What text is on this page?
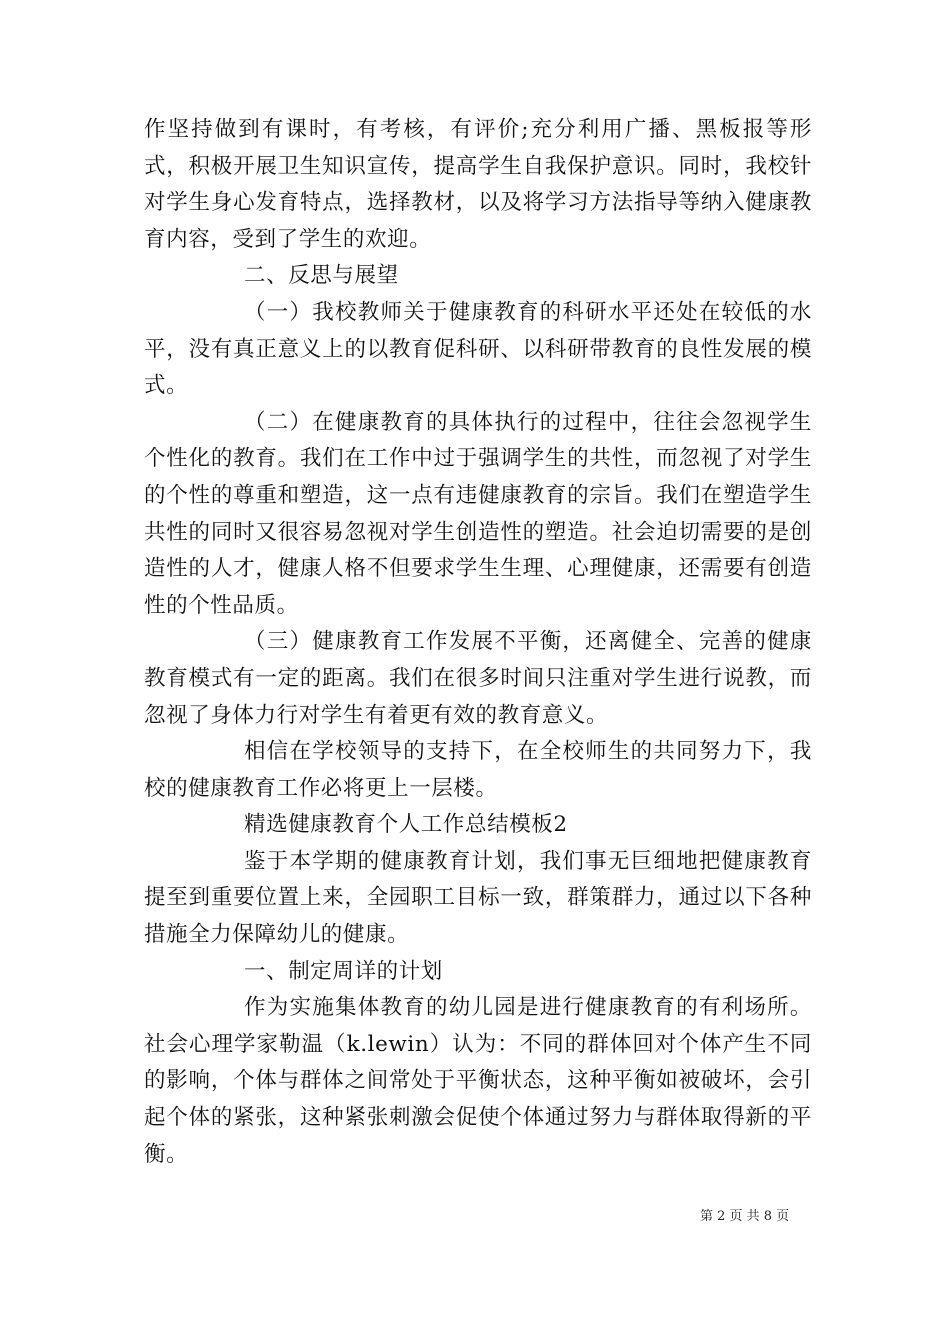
作坚持做到有课时，有考核，有评价;充分利用广播、黑板报等形式，积极开展卫生知识宣传，提高学生自我保护意识。同时，我校针对学生身心发育特点，选择教材，以及将学习方法指导等纳入健康教育内容，受到了学生的欢迎。

二、反思与展望

（一）我校教师关于健康教育的科研水平还处在较低的水平，没有真正意义上的以教育促科研、以科研带教育的良性发展的模式。

（二）在健康教育的具体执行的过程中，往往会忽视学生个性化的教育。我们在工作中过于强调学生的共性，而忽视了对学生的个性的尊重和塑造，这一点有违健康教育的宗旨。我们在塑造学生共性的同时又很容易忽视对学生创造性的塑造。社会迫切需要的是创造性的人才，健康人格不但要求学生生理、心理健康，还需要有创造性的个性品质。

（三）健康教育工作发展不平衡，还离健全、完善的健康教育模式有一定的距离。我们在很多时间只注重对学生进行说教，而忽视了身体力行对学生有着更有效的教育意义。

相信在学校领导的支持下，在全校师生的共同努力下，我校的健康教育工作必将更上一层楼。

精选健康教育个人工作总结模板2

鉴于本学期的健康教育计划，我们事无巨细地把健康教育提至到重要位置上来，全园职工目标一致，群策群力，通过以下各种措施全力保障幼儿的健康。

一、制定周详的计划

作为实施集体教育的幼儿园是进行健康教育的有利场所。社会心理学家勒温（k.lewin）认为：不同的群体回对个体产生不同的影响，个体与群体之间常处于平衡状态，这种平衡如被破坏，会引起个体的紧张，这种紧张刺激会促使个体通过努力与群体取得新的平衡。

第 2 页 共 8 页
